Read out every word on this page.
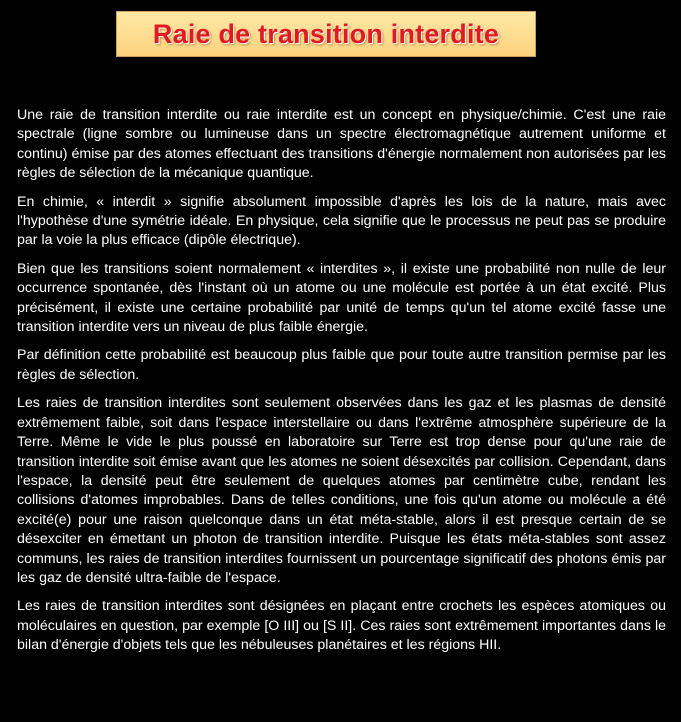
Raie de transition interdite

Une raie de transition interdite ou raie interdite est un concept en physique/chimie. C'est une raie spectrale (ligne sombre ou lumineuse dans un spectre électromagnétique autrement uniforme et continu) émise par des atomes effectuant des transitions d'énergie normalement non autorisées par les règles de sélection de la mécanique quantique.

En chimie, « interdit » signifie absolument impossible d'après les lois de la nature, mais avec l'hypothèse d'une symétrie idéale. En physique, cela signifie que le processus ne peut pas se produire par la voie la plus efficace (dipôle électrique).

Bien que les transitions soient normalement « interdites », il existe une probabilité non nulle de leur occurrence spontanée, dès l'instant où un atome ou une molécule est portée à un état excité. Plus précisément, il existe une certaine probabilité par unité de temps qu'un tel atome excité fasse une transition interdite vers un niveau de plus faible énergie.

Par définition cette probabilité est beaucoup plus faible que pour toute autre transition permise par les règles de sélection.

Les raies de transition interdites sont seulement observées dans les gaz et les plasmas de densité extrêmement faible, soit dans l'espace interstellaire ou dans l'extrême atmosphère supérieure de la Terre. Même le vide le plus poussé en laboratoire sur Terre est trop dense pour qu'une raie de transition interdite soit émise avant que les atomes ne soient désexcités par collision. Cependant, dans l'espace, la densité peut être seulement de quelques atomes par centimètre cube, rendant les collisions d'atomes improbables. Dans de telles conditions, une fois qu'un atome ou molécule a été excité(e) pour une raison quelconque dans un état méta-stable, alors il est presque certain de se désexciter en émettant un photon de transition interdite. Puisque les états méta-stables sont assez communs, les raies de transition interdites fournissent un pourcentage significatif des photons émis par les gaz de densité ultra-faible de l'espace.

Les raies de transition interdites sont désignées en plaçant entre crochets les espèces atomiques ou moléculaires en question, par exemple [O III] ou [S II]. Ces raies sont extrêmement importantes dans le bilan d'énergie d'objets tels que les nébuleuses planétaires et les régions HII.
